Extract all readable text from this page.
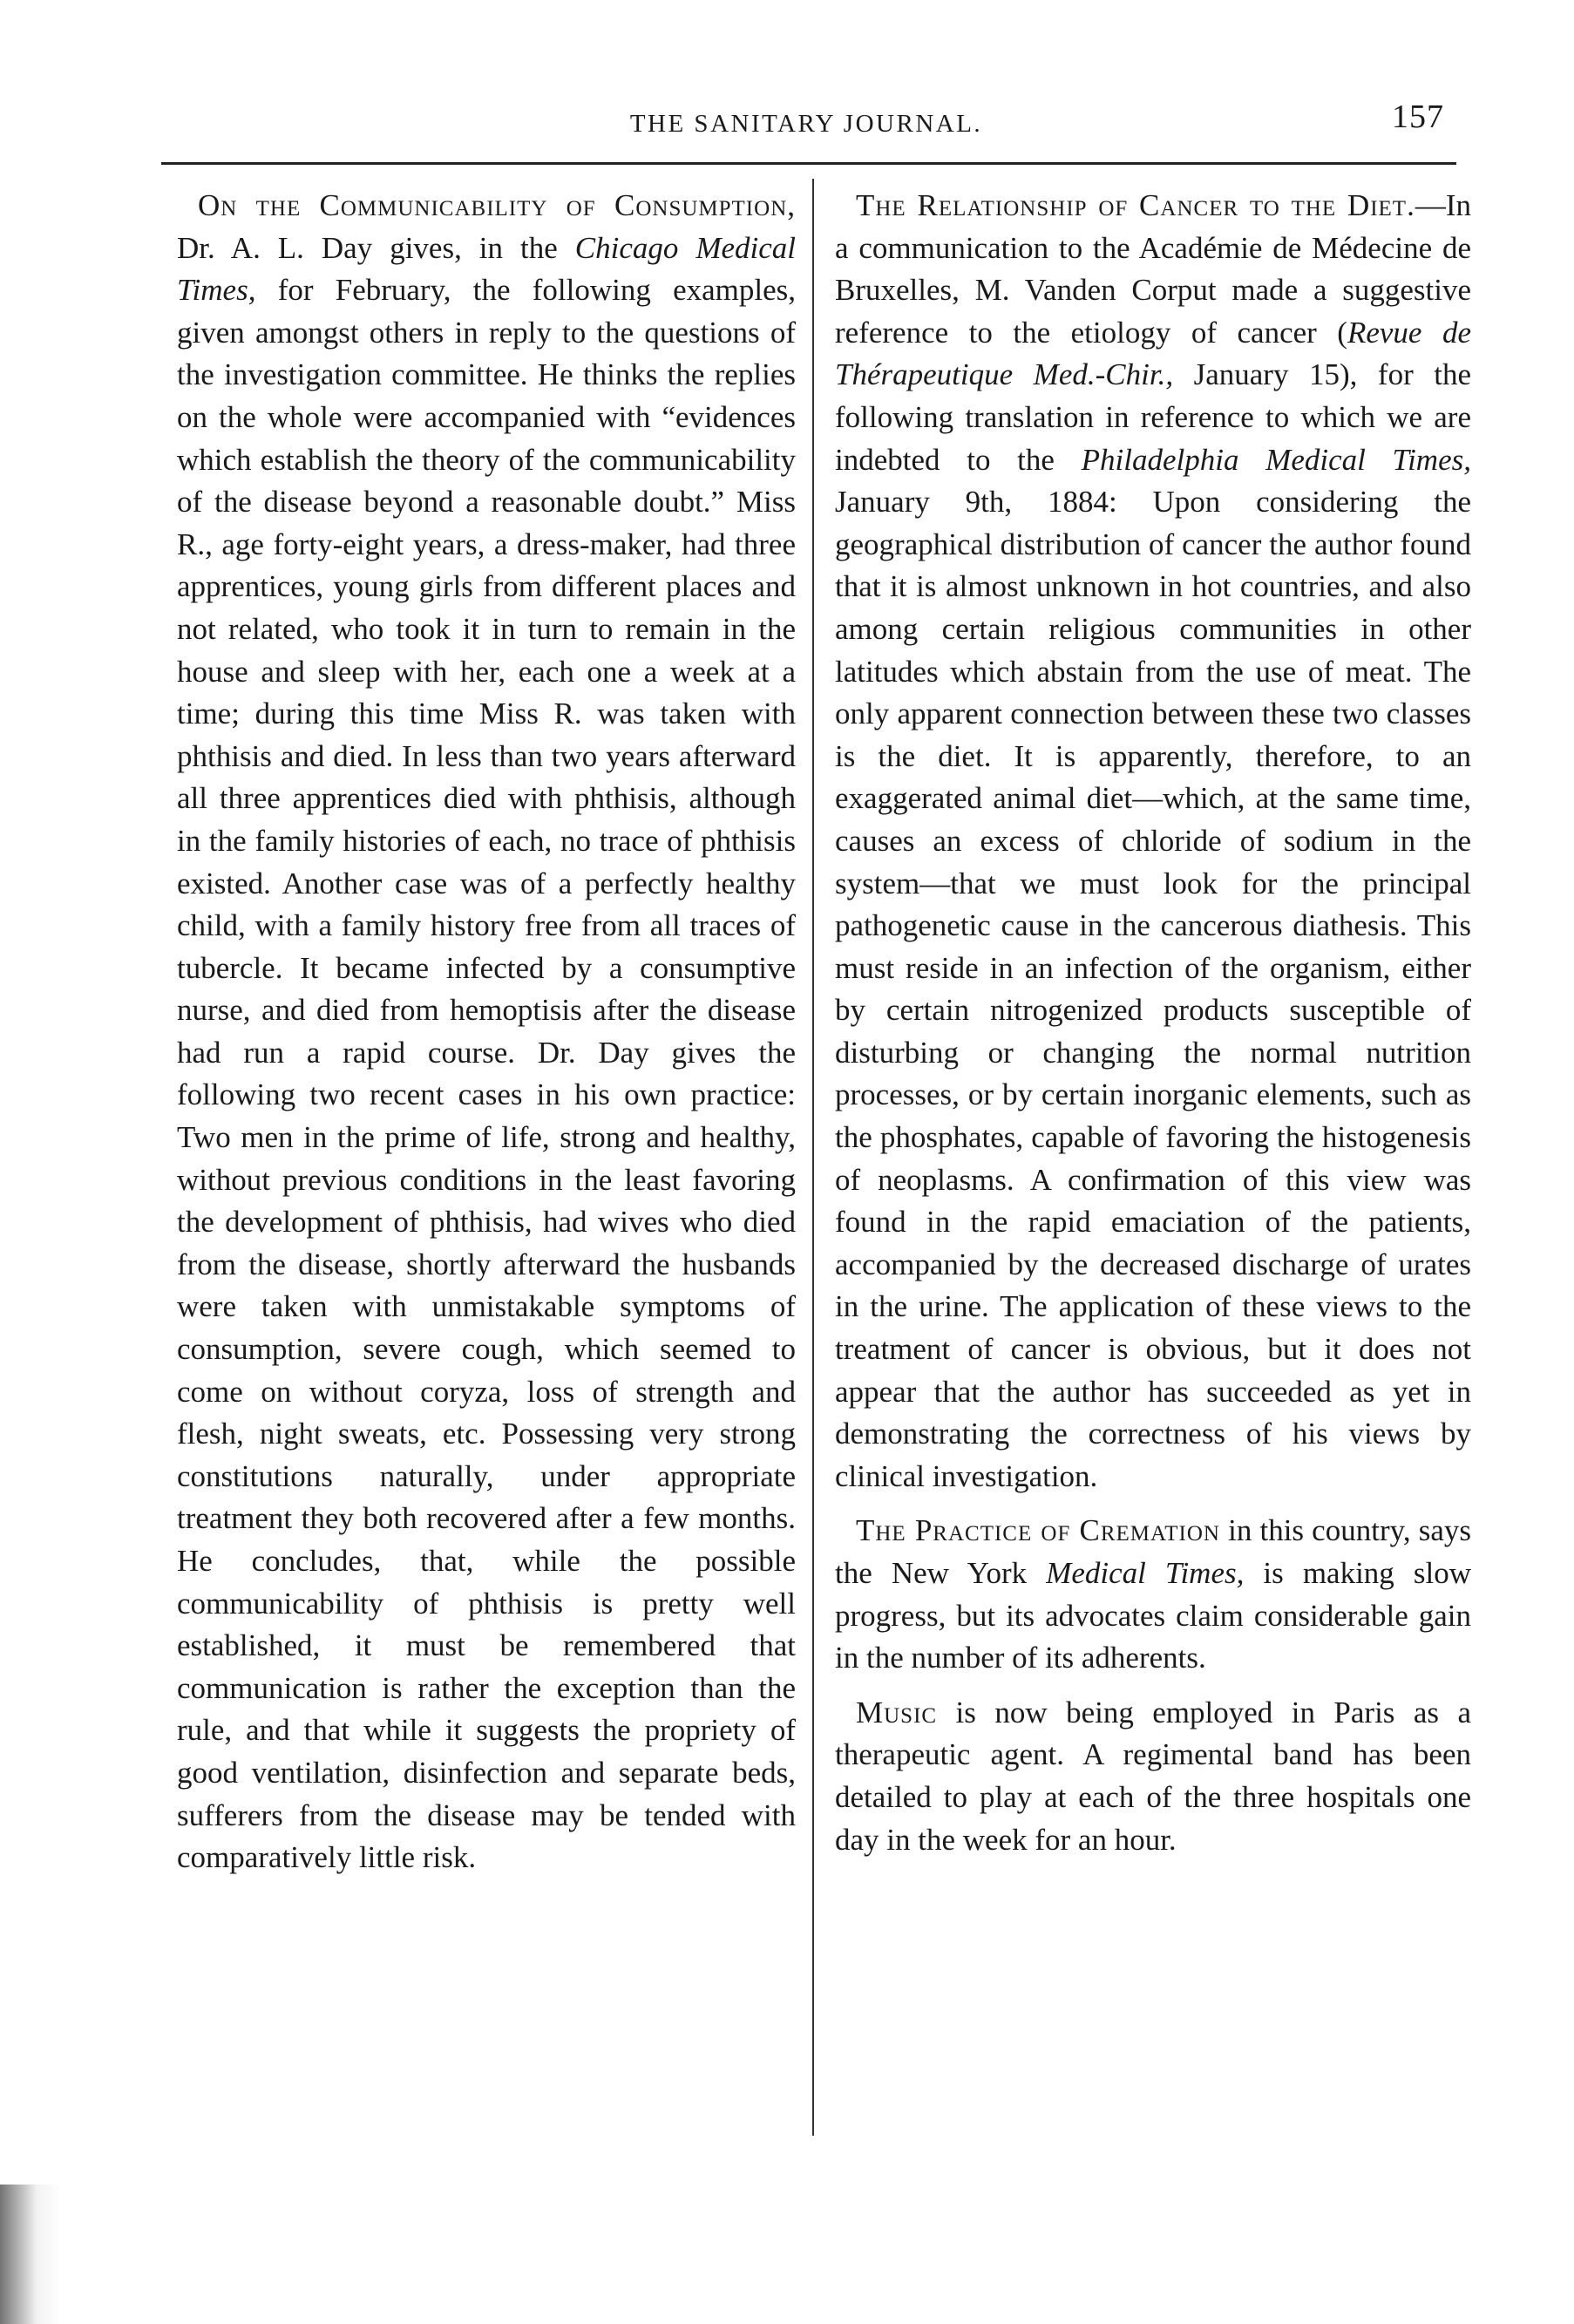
THE SANITARY JOURNAL.	157

On the Communicability of Consumption, Dr. A. L. Day gives, in the Chicago Medical Times, for February, the following examples, given amongst others in reply to the questions of the investigation committee. He thinks the replies on the whole were accompanied with “evidences which establish the theory of the communicability of the disease beyond a reasonable doubt.” Miss R., age forty-eight years, a dress-maker, had three apprentices, young girls from different places and not related, who took it in turn to remain in the house and sleep with her, each one a week at a time; during this time Miss R. was taken with phthisis and died. In less than two years afterward all three apprentices died with phthisis, although in the family histories of each, no trace of phthisis existed. Another case was of a perfectly healthy child, with a family history free from all traces of tubercle. It became infected by a consumptive nurse, and died from hemoptisis after the disease had run a rapid course. Dr. Day gives the following two recent cases in his own practice: Two men in the prime of life, strong and healthy, without previous conditions in the least favoring the development of phthisis, had wives who died from the disease, shortly afterward the husbands were taken with unmistakable symptoms of consumption, severe cough, which seemed to come on without coryza, loss of strength and flesh, night sweats, etc. Possessing very strong constitutions naturally, under appropriate treatment they both recovered after a few months. He concludes, that, while the possible communicability of phthisis is pretty well established, it must be remembered that communication is rather the exception than the rule, and that while it suggests the propriety of good ventilation, disinfection and separate beds, sufferers from the disease may be tended with comparatively little risk.

The Relationship of Cancer to the Diet.—In a communication to the Académie de Médecine de Bruxelles, M. Vanden Corput made a suggestive reference to the etiology of cancer (Revue de Thérapeutique Med.-Chir., January 15), for the following translation in reference to which we are indebted to the Philadelphia Medical Times, January 9th, 1884: Upon considering the geographical distribution of cancer the author found that it is almost unknown in hot countries, and also among certain religious communities in other latitudes which abstain from the use of meat. The only apparent connection between these two classes is the diet. It is apparently, therefore, to an exaggerated animal diet—which, at the same time, causes an excess of chloride of sodium in the system—that we must look for the principal pathogenetic cause in the cancerous diathesis. This must reside in an infection of the organism, either by certain nitrogenized products susceptible of disturbing or changing the normal nutrition processes, or by certain inorganic elements, such as the phosphates, capable of favoring the histogenesis of neoplasms. A confirmation of this view was found in the rapid emaciation of the patients, accompanied by the decreased discharge of urates in the urine. The application of these views to the treatment of cancer is obvious, but it does not appear that the author has succeeded as yet in demonstrating the correctness of his views by clinical investigation.

The Practice of Cremation in this country, says the New York Medical Times, is making slow progress, but its advocates claim considerable gain in the number of its adherents.

Music is now being employed in Paris as a therapeutic agent. A regimental band has been detailed to play at each of the three hospitals one day in the week for an hour.
